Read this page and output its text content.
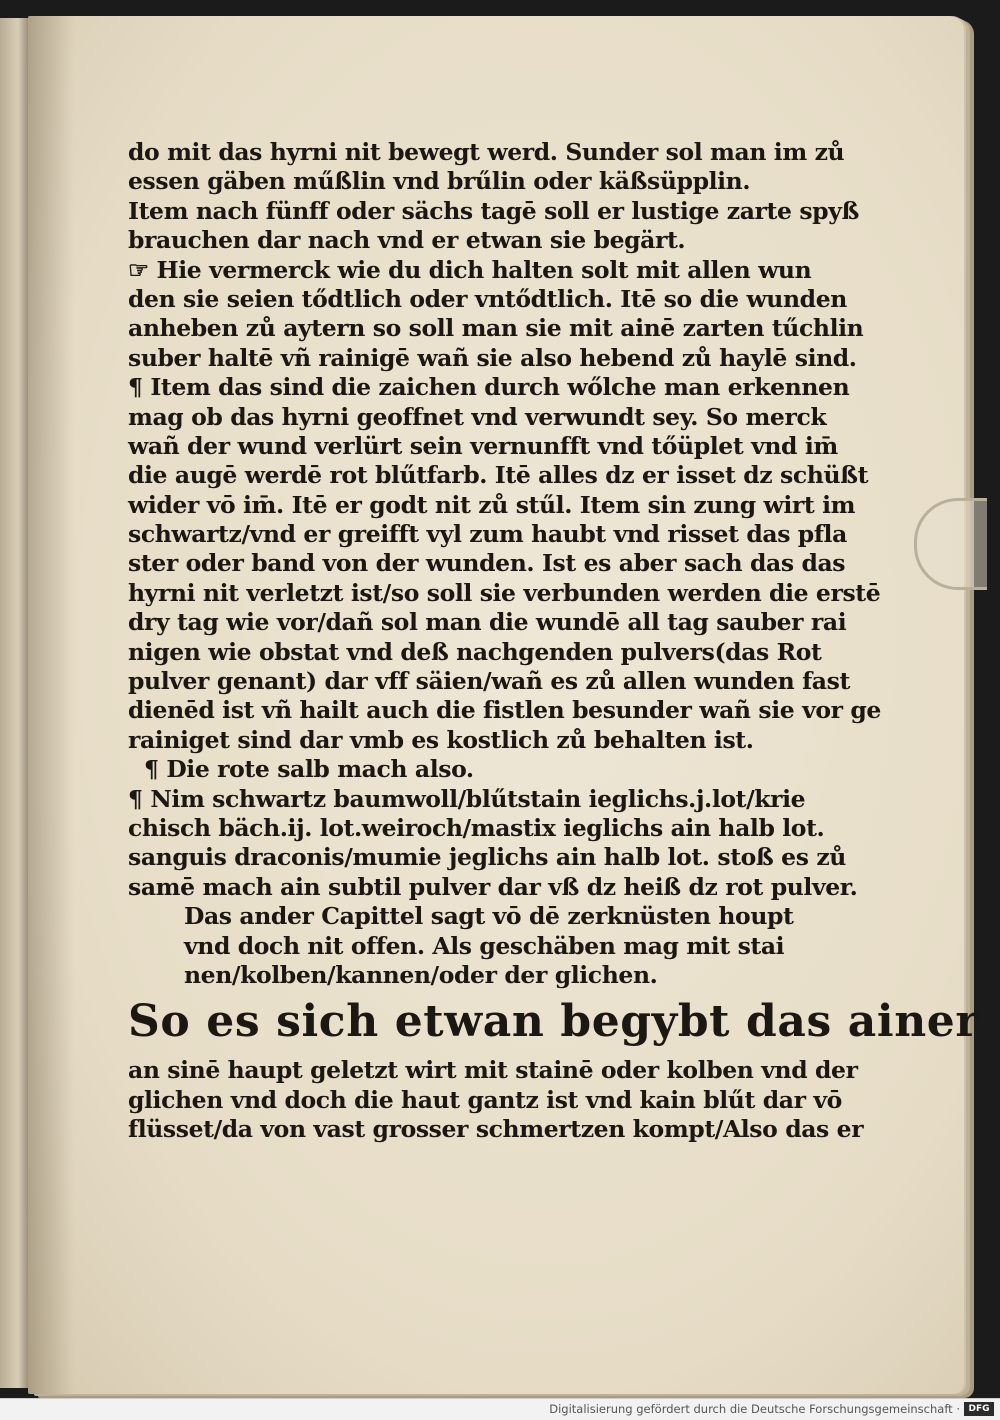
do mit das hyrni nit bewegt werd. Sunder sol man im zů
essen gäben műßlin vnd brűlin oder käßsüpplin.
Item nach fünff oder sächs tagē soll er lustige zarte spyß
brauchen dar nach vnd er etwan sie begärt.
☞ Hie vermerck wie du dich halten solt mit allen wun
den sie seien tődtlich oder vntődtlich. Itē so die wunden
anheben zů aytern so soll man sie mit ainē zarten tűchlin
suber haltē vñ rainigē wañ sie also hebend zů haylē sind.
¶ Item das sind die zaichen durch wőlche man erkennen
mag ob das hyrni geoffnet vnd verwundt sey. So merck
wañ der wund verlürt sein vernunfft vnd tőüplet vnd im̄
die augē werdē rot blűtfarb. Itē alles dz er isset dz schüßt
wider vō im̄. Itē er godt nit zů stűl. Item sin zung wirt im
schwartz/vnd er greifft vyl zum haubt vnd risset das pfla
ster oder band von der wunden. Ist es aber sach das das
hyrni nit verletzt ist/so soll sie verbunden werden die erstē
dry tag wie vor/dañ sol man die wundē all tag sauber rai
nigen wie obstat vnd deß nachgenden pulvers(das Rot
pulver genant) dar vff säien/wañ es zů allen wunden fast
dienēd ist vñ hailt auch die fistlen besunder wañ sie vor ge
rainiget sind dar vmb es kostlich zů behalten ist.
¶ Die rote salb mach also.
¶ Nim schwartz baumwoll/blűtstain ieglichs.j.lot/krie
chisch bäch.ij. lot.weiroch/mastix ieglichs ain halb lot.
sanguis draconis/mumie jeglichs ain halb lot. stoß es zů
samē mach ain subtil pulver dar vß dz heiß dz rot pulver.
Das ander Capittel sagt vō dē zerknüsten houpt
vnd doch nit offen. Als geschäben mag mit stai
nen/kolben/kannen/oder der glichen.
So es sich etwan begybt das ainer
an sinē haupt geletzt wirt mit stainē oder kolben vnd der
glichen vnd doch die haut gantz ist vnd kain blűt dar vō
flüsset/da von vast grosser schmertzen kompt/Also das er
Digitalisierung gefördert durch die Deutsche Forschungsgemeinschaft · DFG
